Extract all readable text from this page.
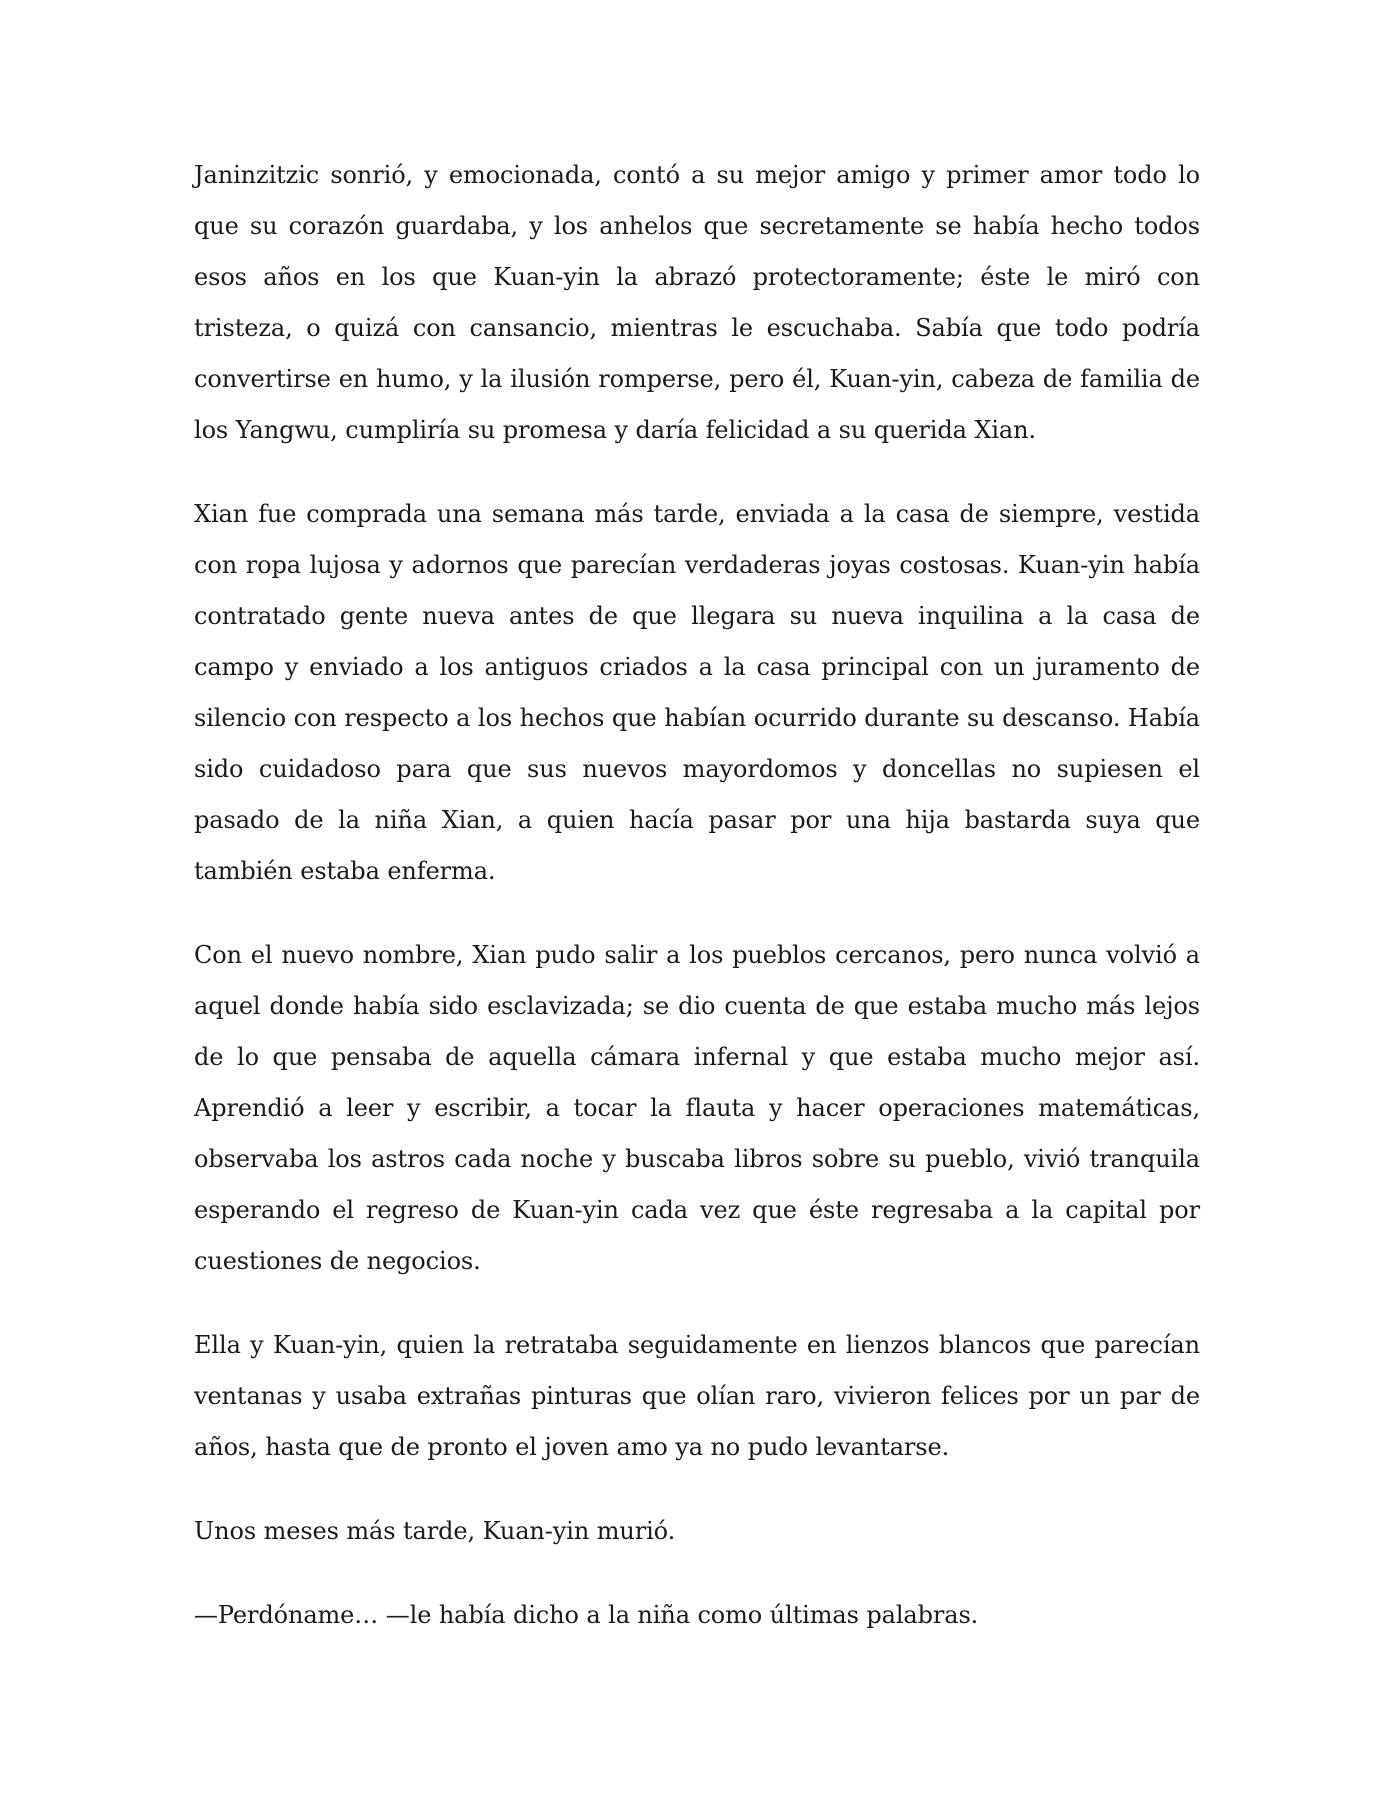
Janinzitzic sonrió, y emocionada, contó a su mejor amigo y primer amor todo lo que su corazón guardaba, y los anhelos que secretamente se había hecho todos esos años en los que Kuan-yin la abrazó protectoramente; éste le miró con tristeza, o quizá con cansancio, mientras le escuchaba. Sabía que todo podría convertirse en humo, y la ilusión romperse, pero él, Kuan-yin, cabeza de familia de los Yangwu, cumpliría su promesa y daría felicidad a su querida Xian.

Xian fue comprada una semana más tarde, enviada a la casa de siempre, vestida con ropa lujosa y adornos que parecían verdaderas joyas costosas. Kuan-yin había contratado gente nueva antes de que llegara su nueva inquilina a la casa de campo y enviado a los antiguos criados a la casa principal con un juramento de silencio con respecto a los hechos que habían ocurrido durante su descanso. Había sido cuidadoso para que sus nuevos mayordomos y doncellas no supiesen el pasado de la niña Xian, a quien hacía pasar por una hija bastarda suya que también estaba enferma.

Con el nuevo nombre, Xian pudo salir a los pueblos cercanos, pero nunca volvió a aquel donde había sido esclavizada; se dio cuenta de que estaba mucho más lejos de lo que pensaba de aquella cámara infernal y que estaba mucho mejor así. Aprendió a leer y escribir, a tocar la flauta y hacer operaciones matemáticas, observaba los astros cada noche y buscaba libros sobre su pueblo, vivió tranquila esperando el regreso de Kuan-yin cada vez que éste regresaba a la capital por cuestiones de negocios.

Ella y Kuan-yin, quien la retrataba seguidamente en lienzos blancos que parecían ventanas y usaba extrañas pinturas que olían raro, vivieron felices por un par de años, hasta que de pronto el joven amo ya no pudo levantarse.

Unos meses más tarde, Kuan-yin murió.

—Perdóname… —le había dicho a la niña como últimas palabras.
